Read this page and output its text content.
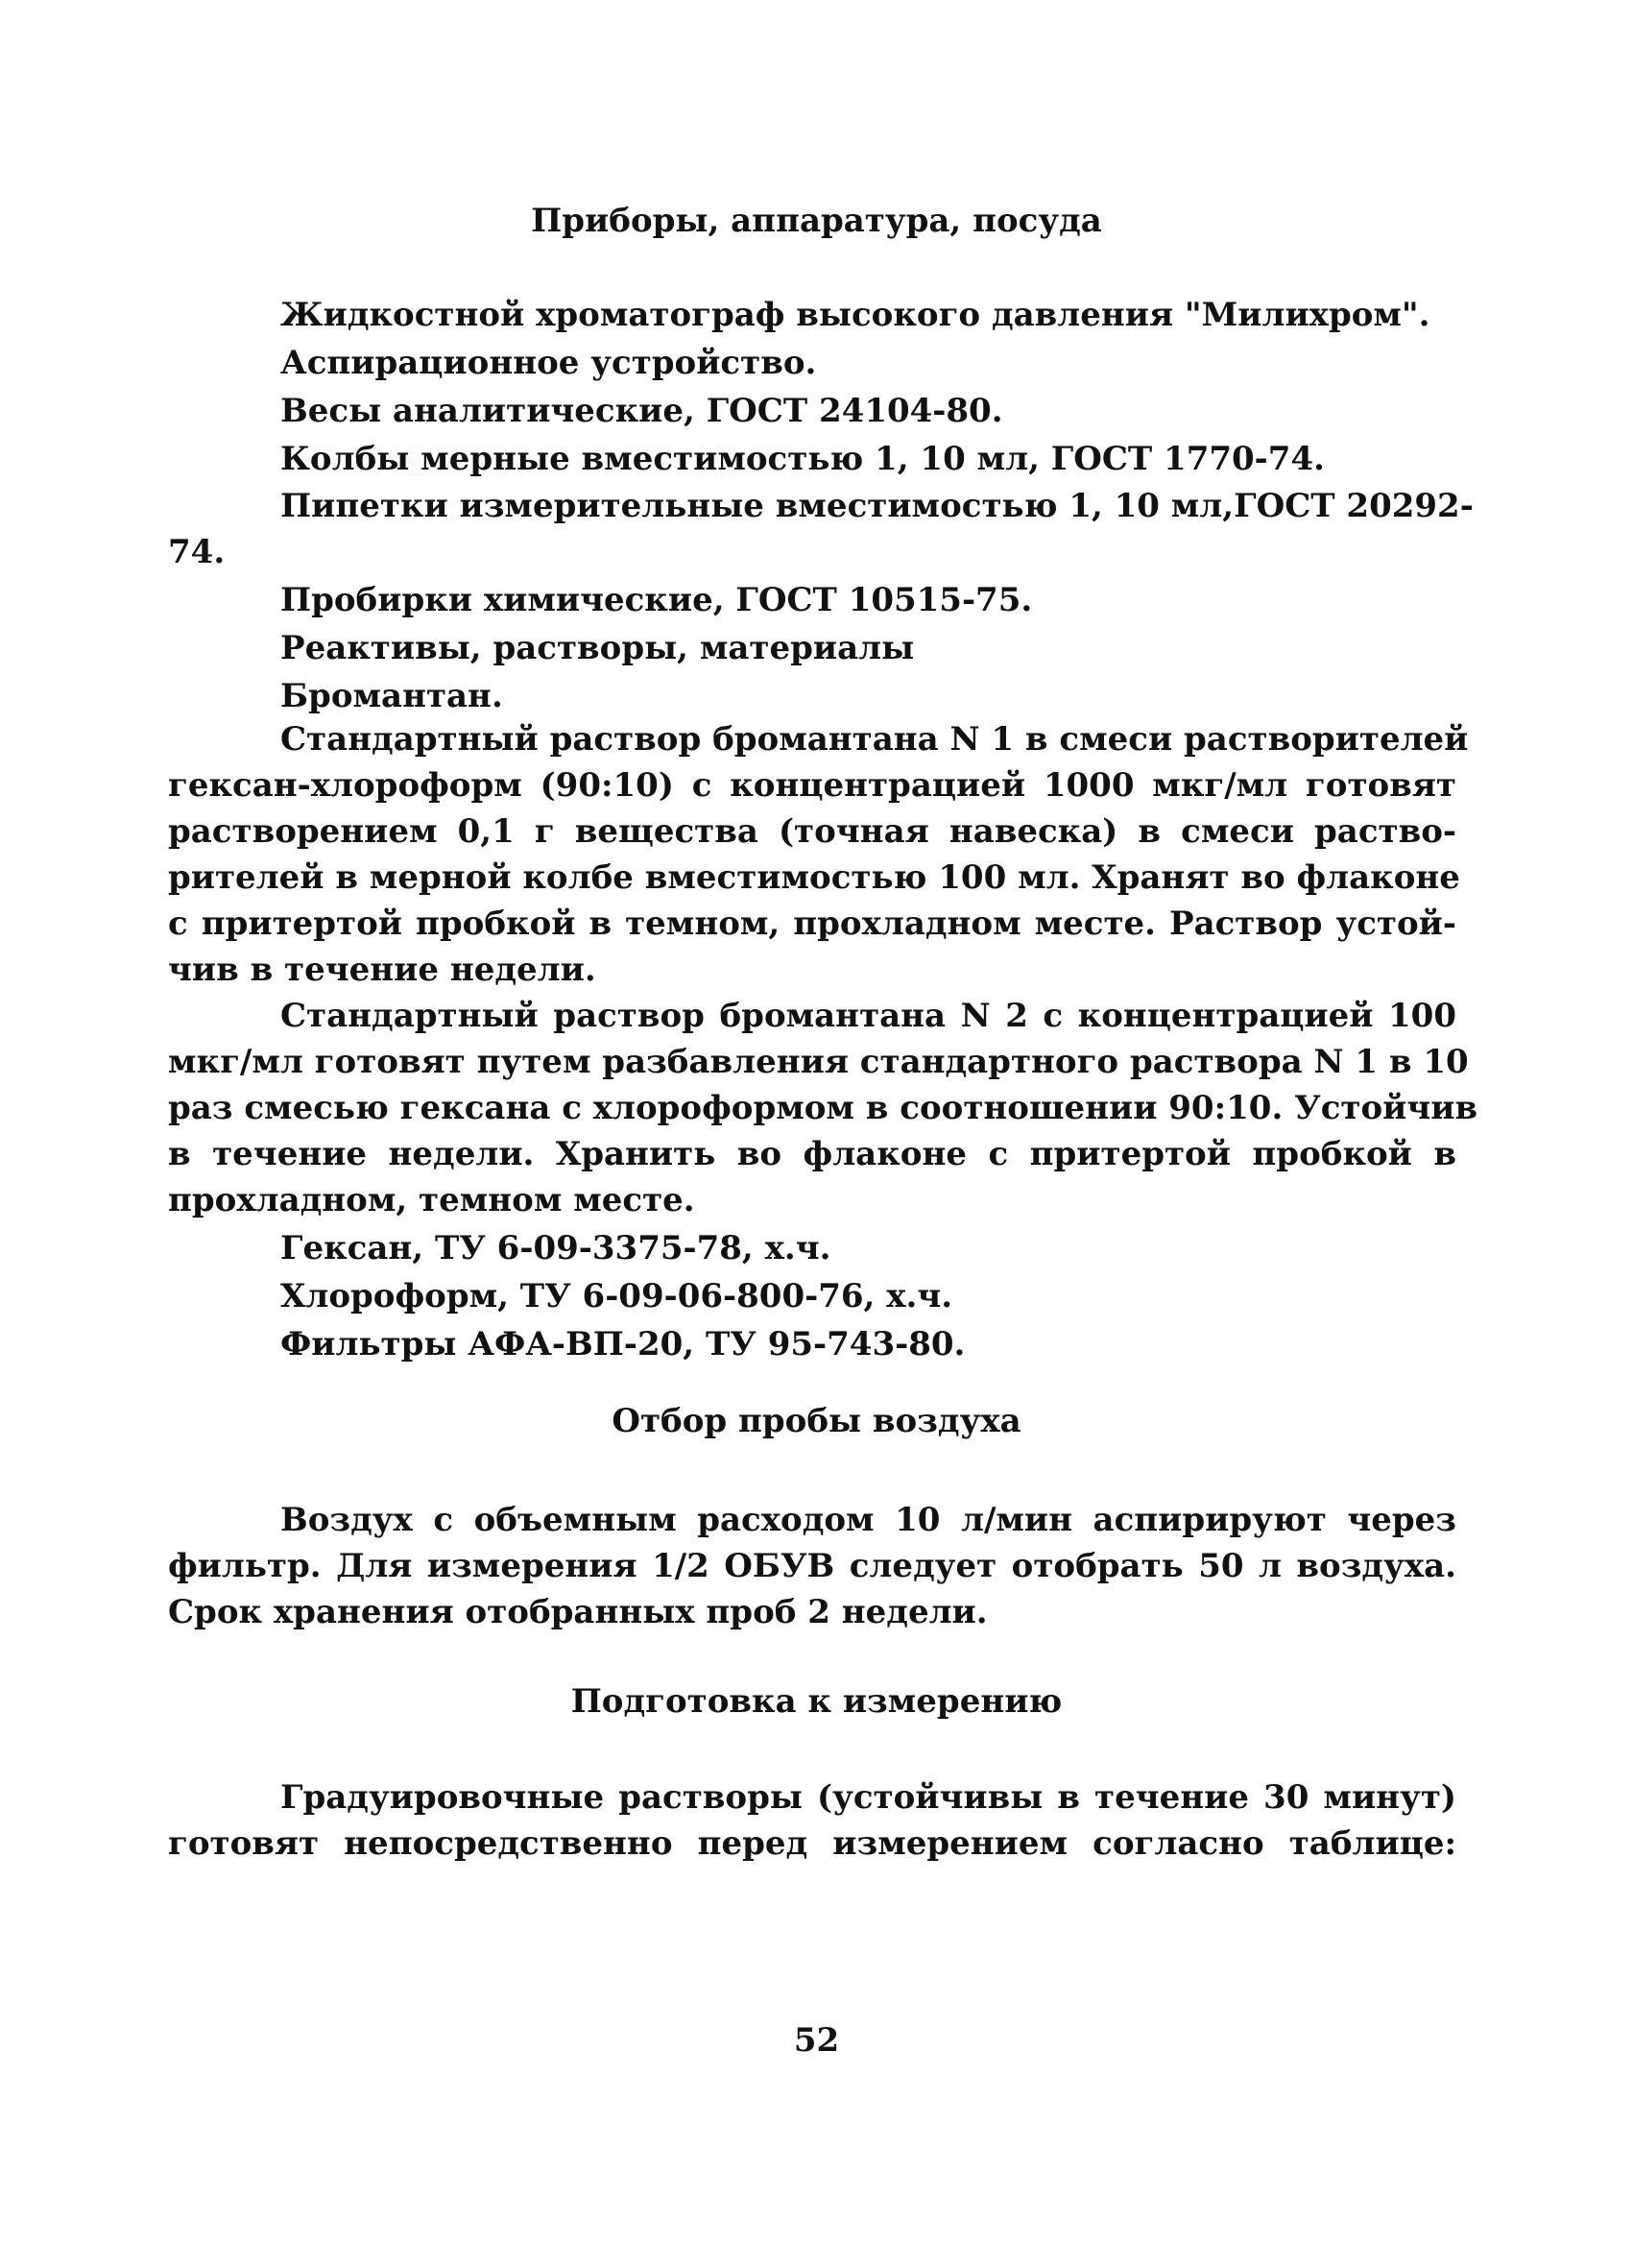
Приборы, аппаратура, посуда
Жидкостной хроматограф высокого давления "Милихром".
Аспирационное устройство.
Весы аналитические, ГОСТ 24104-80.
Колбы мерные вместимостью 1, 10 мл, ГОСТ 1770-74.
Пипетки измерительные вместимостью 1, 10 мл,ГОСТ 20292-
74.
Пробирки химические, ГОСТ 10515-75.
Реактивы, растворы, материалы
Бромантан.
Стандартный раствор бромантана N 1 в смеси растворителей
гексан-хлороформ (90:10) с концентрацией 1000 мкг/мл готовят
растворением 0,1 г вещества (точная навеска) в смеси раство-
рителей в мерной колбе вместимостью 100 мл. Хранят во флаконе
с притертой пробкой в темном, прохладном месте. Раствор устой-
чив в течение недели.
Стандартный раствор бромантана N 2 с концентрацией 100
мкг/мл готовят путем разбавления стандартного раствора N 1 в 10
раз смесью гексана с хлороформом в соотношении 90:10. Устойчив
в течение недели. Хранить во флаконе с притертой пробкой в
прохладном, темном месте.
Гексан, ТУ 6-09-3375-78, х.ч.
Хлороформ, ТУ 6-09-06-800-76, х.ч.
Фильтры АФА-ВП-20, ТУ 95-743-80.
Отбор пробы воздуха
Воздух с объемным расходом 10 л/мин аспирируют через
фильтр. Для измерения 1/2 ОБУВ следует отобрать 50 л воздуха.
Срок хранения отобранных проб 2 недели.
Подготовка к измерению
Градуировочные растворы (устойчивы в течение 30 минут)
готовят непосредственно перед измерением согласно таблице:
52
